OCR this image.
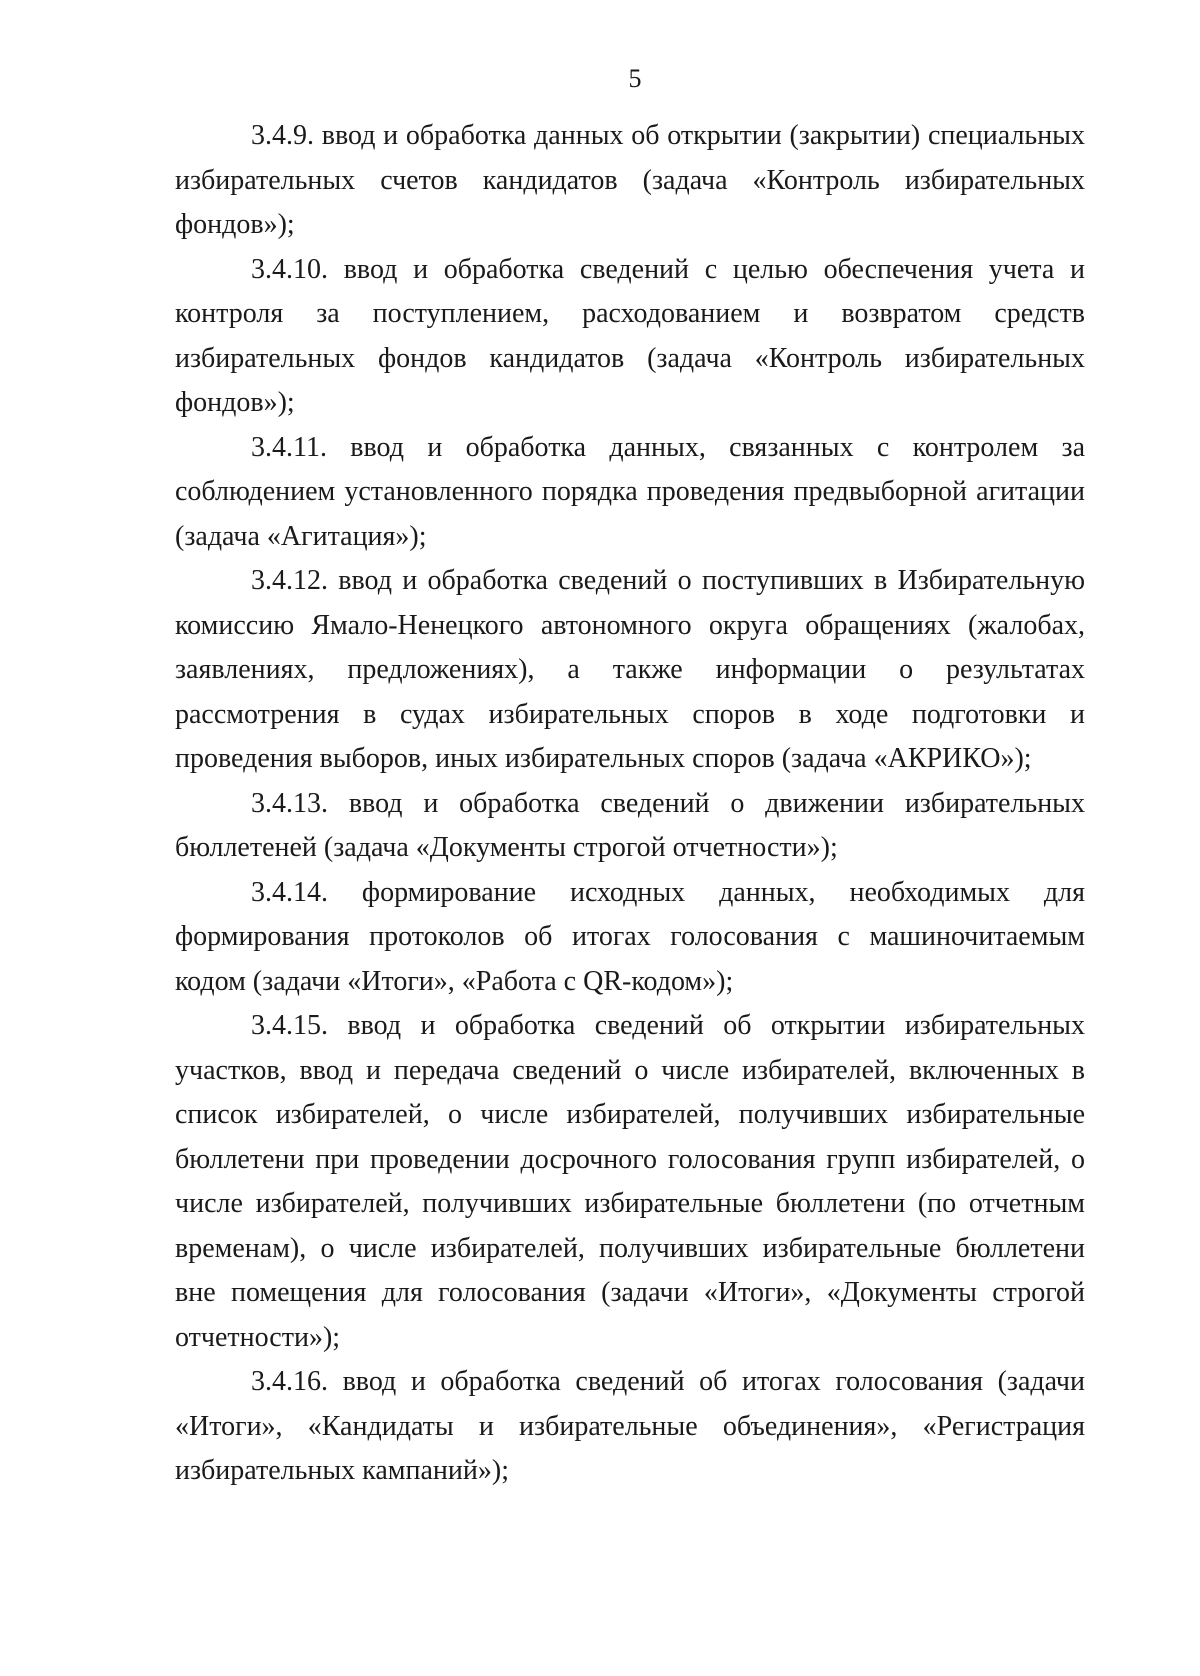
5

3.4.9. ввод и обработка данных об открытии (закрытии) специальных избирательных счетов кандидатов (задача «Контроль избирательных фондов»);

3.4.10. ввод и обработка сведений с целью обеспечения учета и контроля за поступлением, расходованием и возвратом средств избирательных фондов кандидатов (задача «Контроль избирательных фондов»);

3.4.11. ввод и обработка данных, связанных с контролем за соблюдением установленного порядка проведения предвыборной агитации (задача «Агитация»);

3.4.12. ввод и обработка сведений о поступивших в Избирательную комиссию Ямало-Ненецкого автономного округа обращениях (жалобах, заявлениях, предложениях), а также информации о результатах рассмотрения в судах избирательных споров в ходе подготовки и проведения выборов, иных избирательных споров (задача «АКРИКО»);

3.4.13. ввод и обработка сведений о движении избирательных бюллетеней (задача «Документы строгой отчетности»);

3.4.14. формирование исходных данных, необходимых для формирования протоколов об итогах голосования с машиночитаемым кодом (задачи «Итоги», «Работа с QR-кодом»);

3.4.15. ввод и обработка сведений об открытии избирательных участков, ввод и передача сведений о числе избирателей, включенных в список избирателей, о числе избирателей, получивших избирательные бюллетени при проведении досрочного голосования групп избирателей, о числе избирателей, получивших избирательные бюллетени (по отчетным временам), о числе избирателей, получивших избирательные бюллетени вне помещения для голосования (задачи «Итоги», «Документы строгой отчетности»);

3.4.16. ввод и обработка сведений об итогах голосования (задачи «Итоги», «Кандидаты и избирательные объединения», «Регистрация избирательных кампаний»);
